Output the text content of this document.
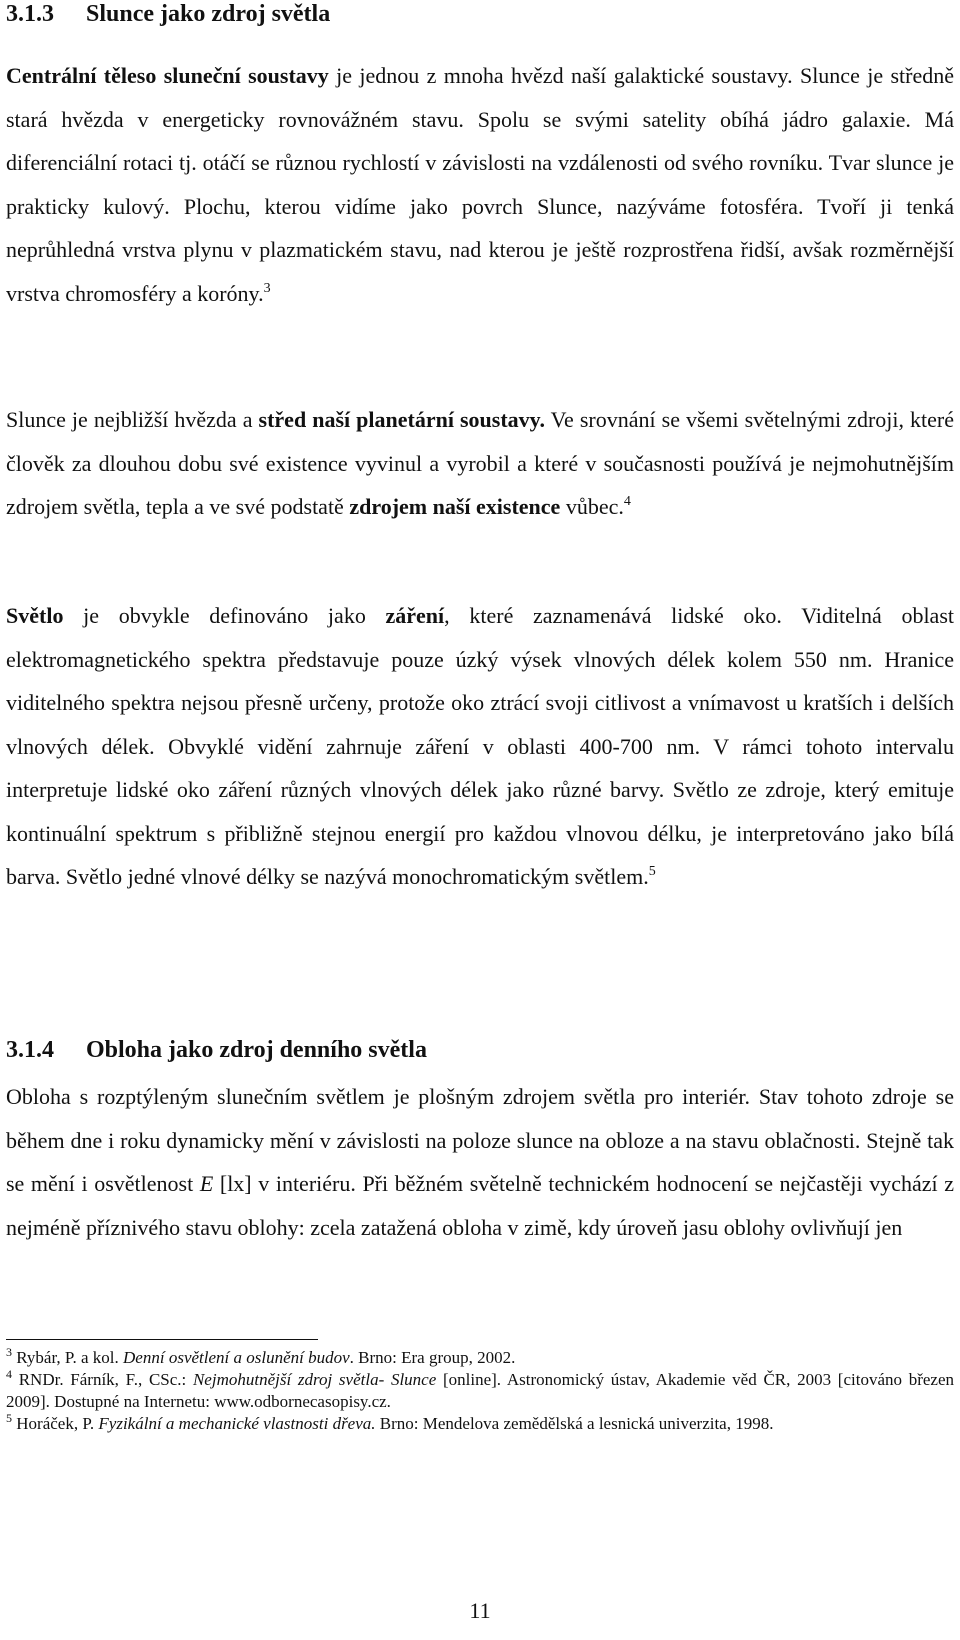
3.1.3 Slunce jako zdroj světla

Centrální těleso sluneční soustavy je jednou z mnoha hvězd naší galaktické soustavy. Slunce je středně stará hvězda v energeticky rovnovážném stavu. Spolu se svými satelity obíhá jádro galaxie. Má diferenciální rotaci tj. otáčí se různou rychlostí v závislosti na vzdálenosti od svého rovníku. Tvar slunce je prakticky kulový. Plochu, kterou vidíme jako povrch Slunce, nazýváme fotosféra. Tvoří ji tenká neprůhledná vrstva plynu v plazmatickém stavu, nad kterou je ještě rozprostřena řidší, avšak rozměrnější vrstva chromosféry a koróny.$^3$

Slunce je nejbližší hvězda a střed naší planetární soustavy. Ve srovnání se všemi světelnými zdroji, které člověk za dlouhou dobu své existence vyvinul a vyrobil a které v současnosti používá je nejmohutnějším zdrojem světla, tepla a ve své podstatě zdrojem naší existence vůbec.$^4$

Světlo je obvykle definováno jako záření, které zaznamenává lidské oko. Viditelná oblast elektromagnetického spektra představuje pouze úzký výsek vlnových délek kolem 550 nm. Hranice viditelného spektra nejsou přesně určeny, protože oko ztrácí svoji citlivost a vnímavost u kratších i delších vlnových délek. Obvyklé vidění zahrnuje záření v oblasti 400-700 nm. V rámci tohoto intervalu interpretuje lidské oko záření různých vlnových délek jako různé barvy. Světlo ze zdroje, který emituje kontinuální spektrum s přibližně stejnou energií pro každou vlnovou délku, je interpretováno jako bílá barva. Světlo jedné vlnové délky se nazývá monochromatickým světlem.$^5$

3.1.4 Obloha jako zdroj denního světla

Obloha s rozptýleným slunečním světlem je plošným zdrojem světla pro interiér. Stav tohoto zdroje se během dne i roku dynamicky mění v závislosti na poloze slunce na obloze a na stavu oblačnosti. Stejně tak se mění i osvětlenost E [lx] v interiéru. Při běžném světelně technickém hodnocení se nejčastěji vychází z nejméně příznivého stavu oblohy: zcela zatažená obloha v zimě, kdy úroveň jasu oblohy ovlivňují jen

$^3$ Rybár, P. a kol. Denní osvětlení a oslunění budov. Brno: Era group, 2002.

$^4$ RNDr. Fárník, F., CSc.: Nejmohutnější zdroj světla- Slunce [online]. Astronomický ústav, Akademie věd ČR, 2003 [citováno březen 2009]. Dostupné na Internetu: www.odbornecasopisy.cz.

$^5$ Horáček, P. Fyzikální a mechanické vlastnosti dřeva. Brno: Mendelova zemědělská a lesnická univerzita, 1998.

11
